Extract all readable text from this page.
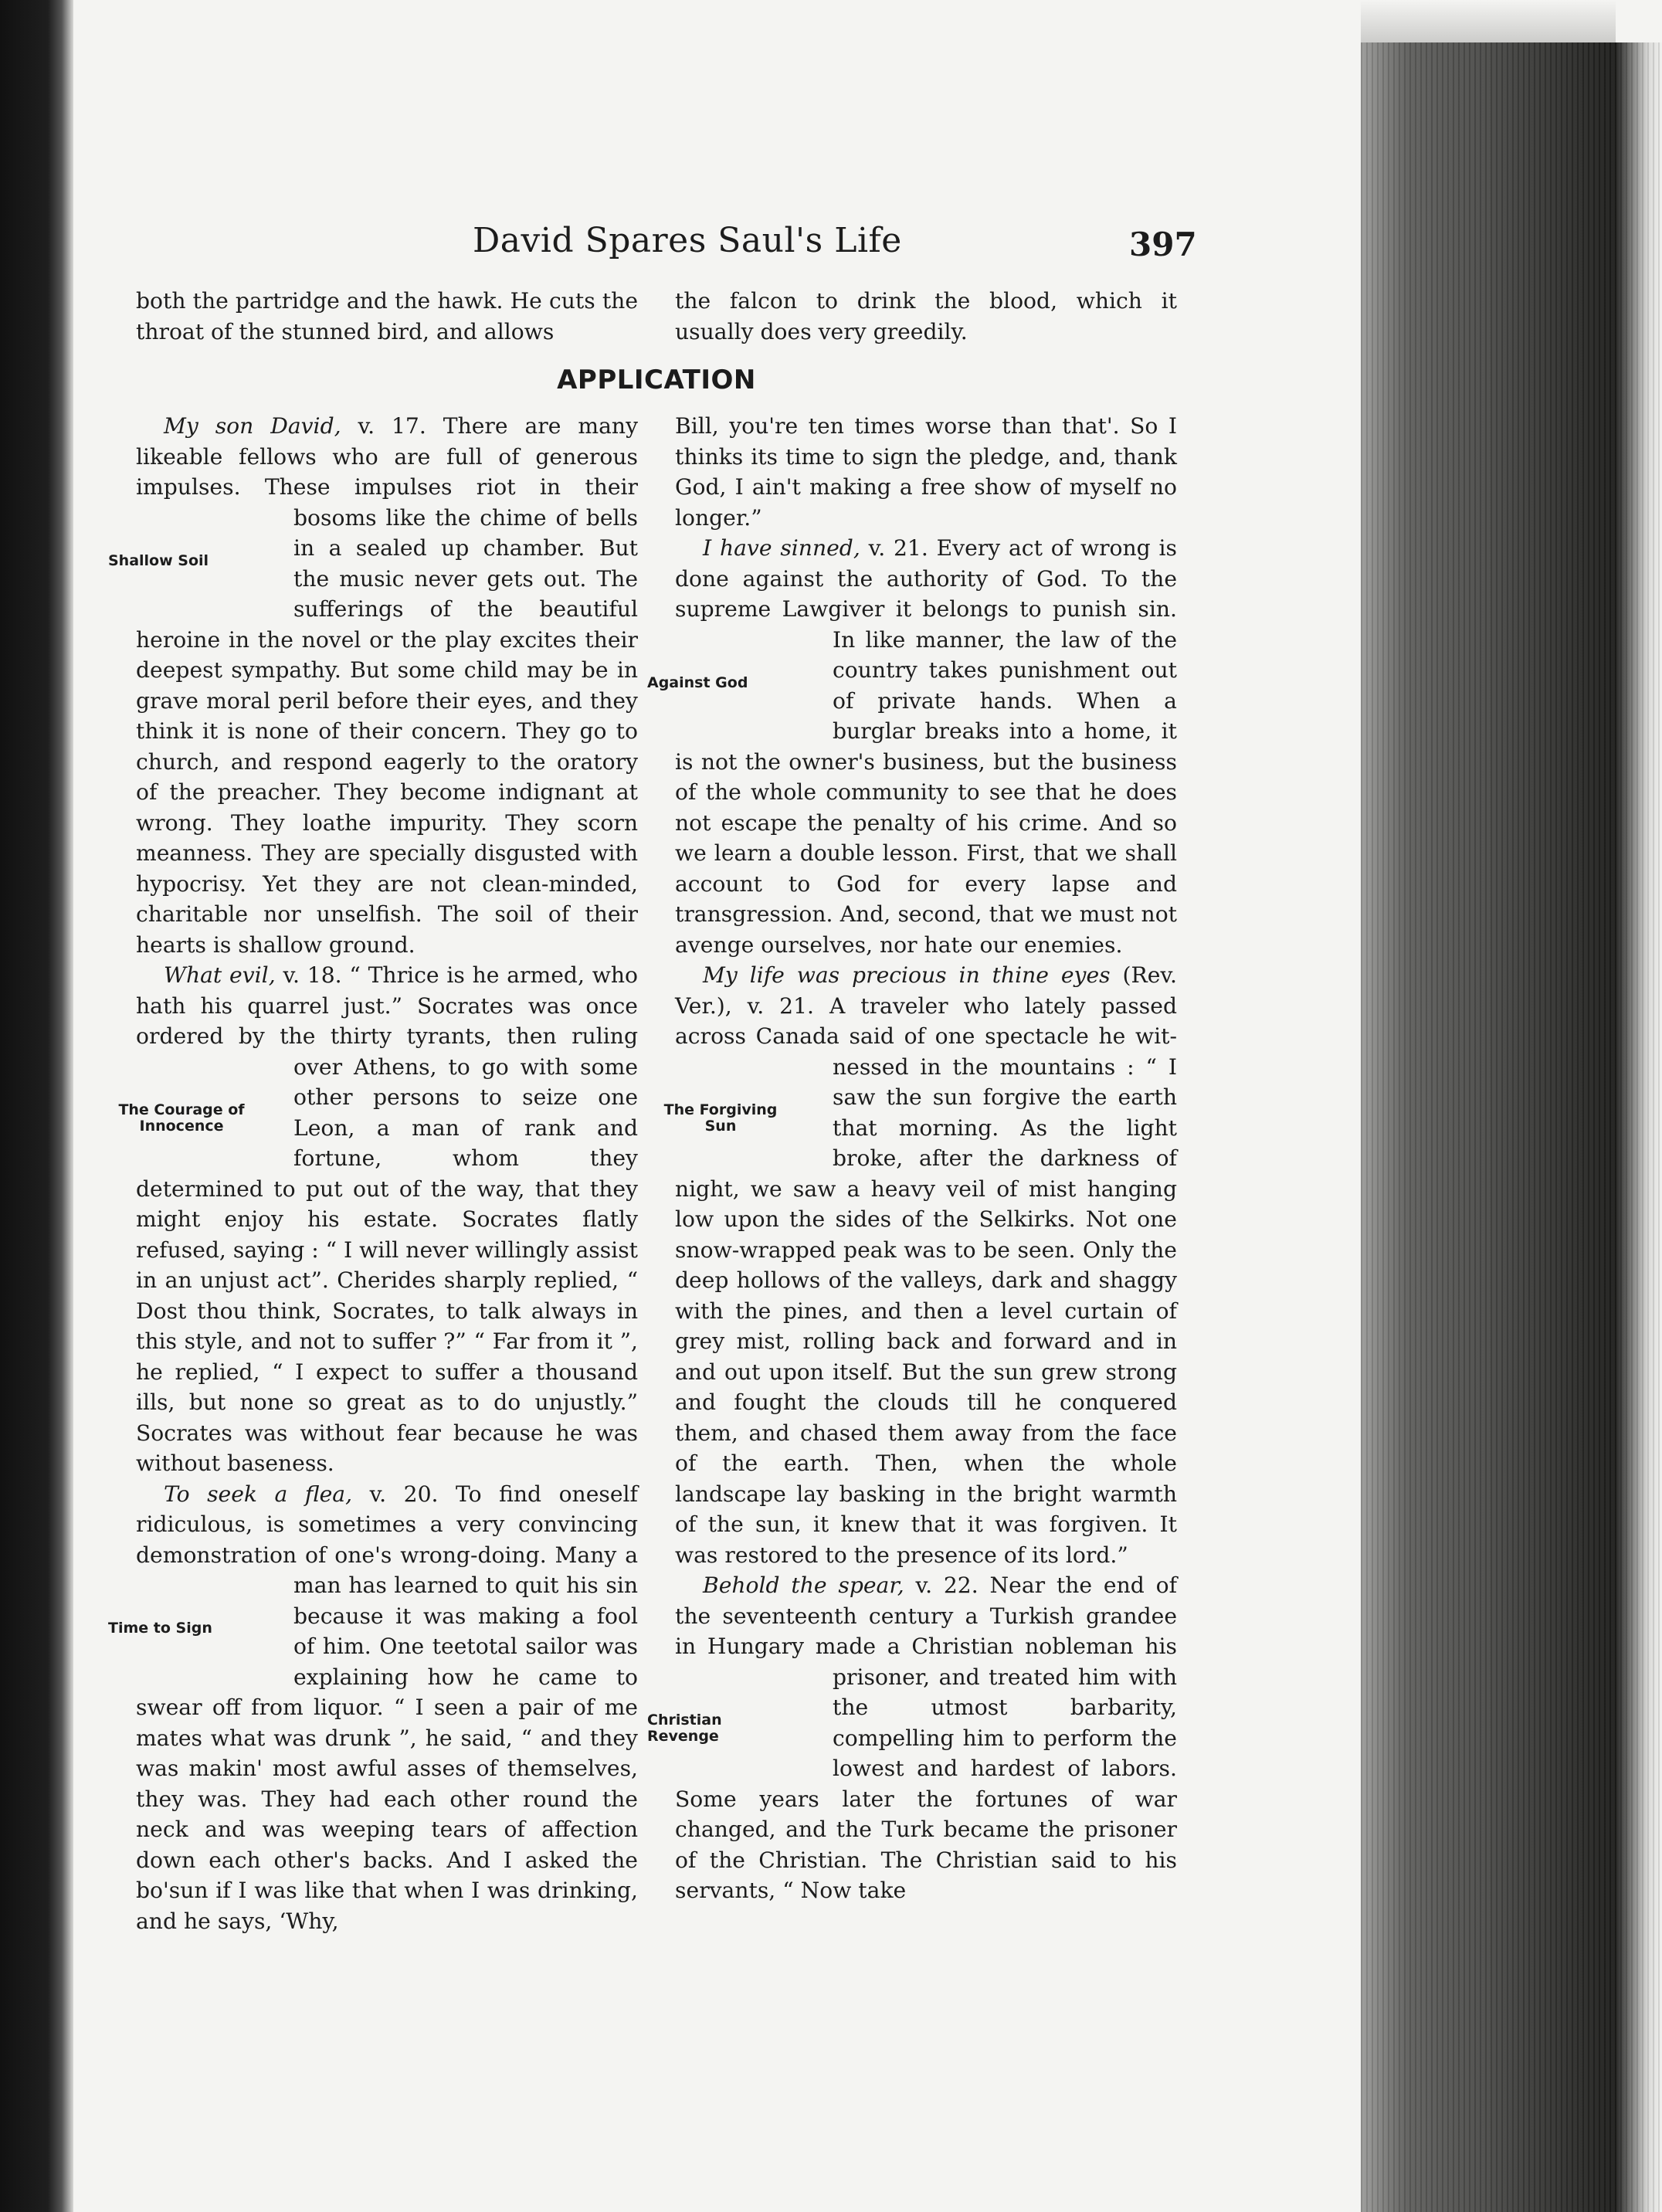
David Spares Saul's Life	397

both the partridge and the hawk. He cuts the throat of the stunned bird, and allows

the falcon to drink the blood, which it usually does very greedily.

APPLICATION

My son David, v. 17. There are many likeable fellows who are full of generous impulses. These impulses riot in their bosoms
Shallow Soil
like the chime of bells in a sealed up chamber. But the music never gets out. The sufferings of the beautiful heroine in the novel or the play excites their deepest sympathy. But some child may be in grave moral peril before their eyes, and they think it is none of their concern. They go to church, and respond eagerly to the oratory of the preacher. They become indignant at wrong. They loathe impurity. They scorn meanness. They are specially disgusted with hypocrisy. Yet they are not clean-minded, charitable nor unselfish. The soil of their hearts is shallow ground.

What evil, v. 18. “ Thrice is he armed, who hath his quarrel just.” Socrates was once ordered by the thirty tyrants, then ruling over Athens, to go with some
The Courage of Innocence
other persons to seize one Leon, a man of rank and fortune, whom they determined to put out of the way, that they might enjoy his estate. Socrates flatly refused, saying : “ I will never willingly assist in an unjust act”. Cherides sharply replied, “ Dost thou think, Socrates, to talk always in this style, and not to suffer ?” “ Far from it ”, he replied, “ I expect to suffer a thousand ills, but none so great as to do unjustly.” Socrates was without fear because he was without baseness.

To seek a flea, v. 20. To find oneself ridiculous, is sometimes a very convincing demonstration of one's wrong-doing. Many a man
Time to Sign
has learned to quit his sin because it was making a fool of him. One teetotal sailor was explaining how he came to swear off from liquor. “ I seen a pair of me mates what was drunk ”, he said, “ and they was makin' most awful asses of themselves, they was. They had each other round the neck and was weeping tears of affection down each other's backs. And I asked the bo'sun if I was like that when I was drinking, and he says, ‘Why,

Bill, you're ten times worse than that'. So I thinks its time to sign the pledge, and, thank God, I ain't making a free show of myself no longer.”

I have sinned, v. 21. Every act of wrong is done against the authority of God. To the supreme Lawgiver it belongs to punish
Against God
sin. In like manner, the law of the country takes punishment out of private hands. When a burglar breaks into a home, it is not the owner's business, but the business of the whole community to see that he does not escape the penalty of his crime. And so we learn a double lesson. First, that we shall account to God for every lapse and transgression. And, second, that we must not avenge ourselves, nor hate our enemies.

My life was precious in thine eyes (Rev. Ver.), v. 21. A traveler who lately passed across Canada said of one spectacle he wit-
The Forgiving Sun
nessed in the mountains : “ I saw the sun forgive the earth that morning. As the light broke, after the darkness of night, we saw a heavy veil of mist hanging low upon the sides of the Selkirks. Not one snow-wrapped peak was to be seen. Only the deep hollows of the valleys, dark and shaggy with the pines, and then a level curtain of grey mist, rolling back and forward and in and out upon itself. But the sun grew strong and fought the clouds till he conquered them, and chased them away from the face of the earth. Then, when the whole landscape lay basking in the bright warmth of the sun, it knew that it was forgiven. It was restored to the presence of its lord.”

Behold the spear, v. 22. Near the end of the seventeenth century a Turkish grandee in Hungary made a Christian nobleman his
Christian Revenge
prisoner, and treated him with the utmost barbarity, compelling him to perform the lowest and hardest of labors. Some years later the fortunes of war changed, and the Turk became the prisoner of the Christian. The Christian said to his servants, “ Now take
